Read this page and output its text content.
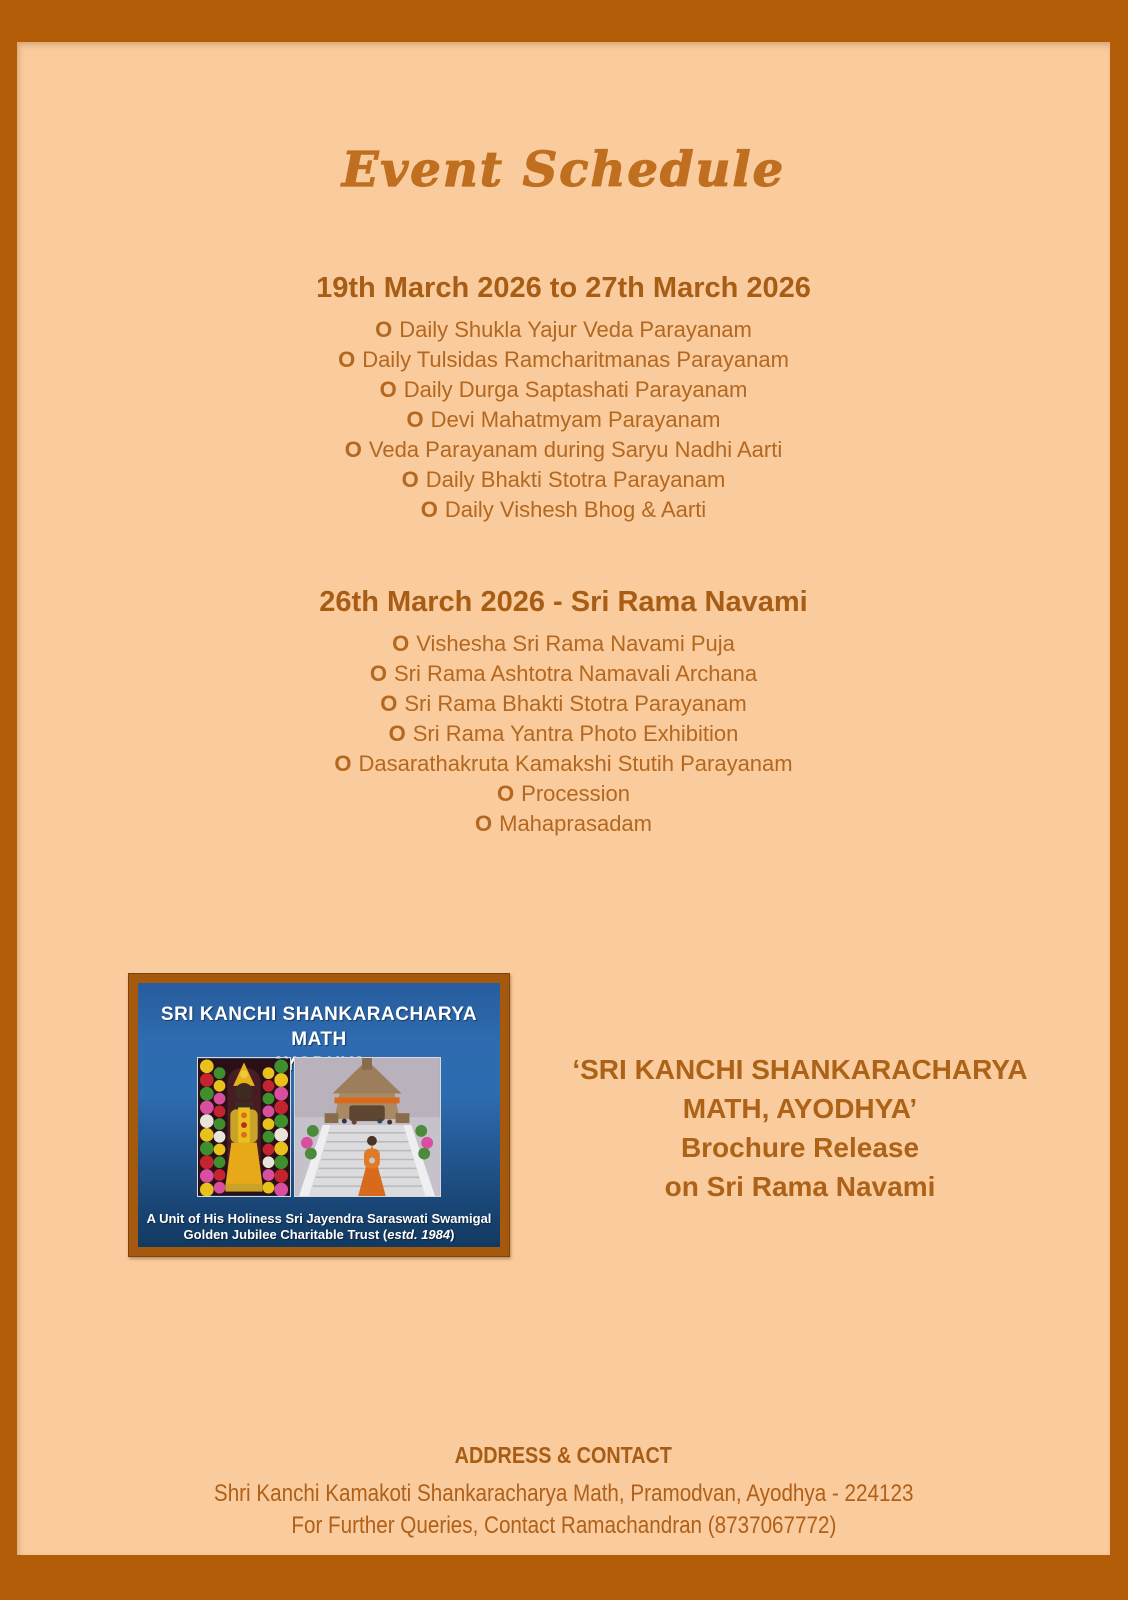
Event Schedule
19th March 2026 to 27th March 2026
O Daily Shukla Yajur Veda Parayanam
O Daily Tulsidas Ramcharitmanas Parayanam
O Daily Durga Saptashati Parayanam
O Devi Mahatmyam Parayanam
O Veda Parayanam during Saryu Nadhi Aarti
O Daily Bhakti Stotra Parayanam
O Daily Vishesh Bhog & Aarti
26th March 2026 - Sri Rama Navami
O Vishesha Sri Rama Navami Puja
O Sri Rama Ashtotra Namavali Archana
O Sri Rama Bhakti Stotra Parayanam
O Sri Rama Yantra Photo Exhibition
O Dasarathakruta Kamakshi Stutih Parayanam
O Procession
O Mahaprasadam
SRI KANCHI SHANKARACHARYA MATH

A Unit of His Holiness Sri Jayendra Saraswati Swamigal
Golden Jubilee Charitable Trust (estd. 1984)
‘SRI KANCHI SHANKARACHARYA
MATH, AYODHYA’
Brochure Release
on Sri Rama Navami
ADDRESS & CONTACT
Shri Kanchi Kamakoti Shankaracharya Math, Pramodvan, Ayodhya - 224123
For Further Queries, Contact Ramachandran (8737067772)
